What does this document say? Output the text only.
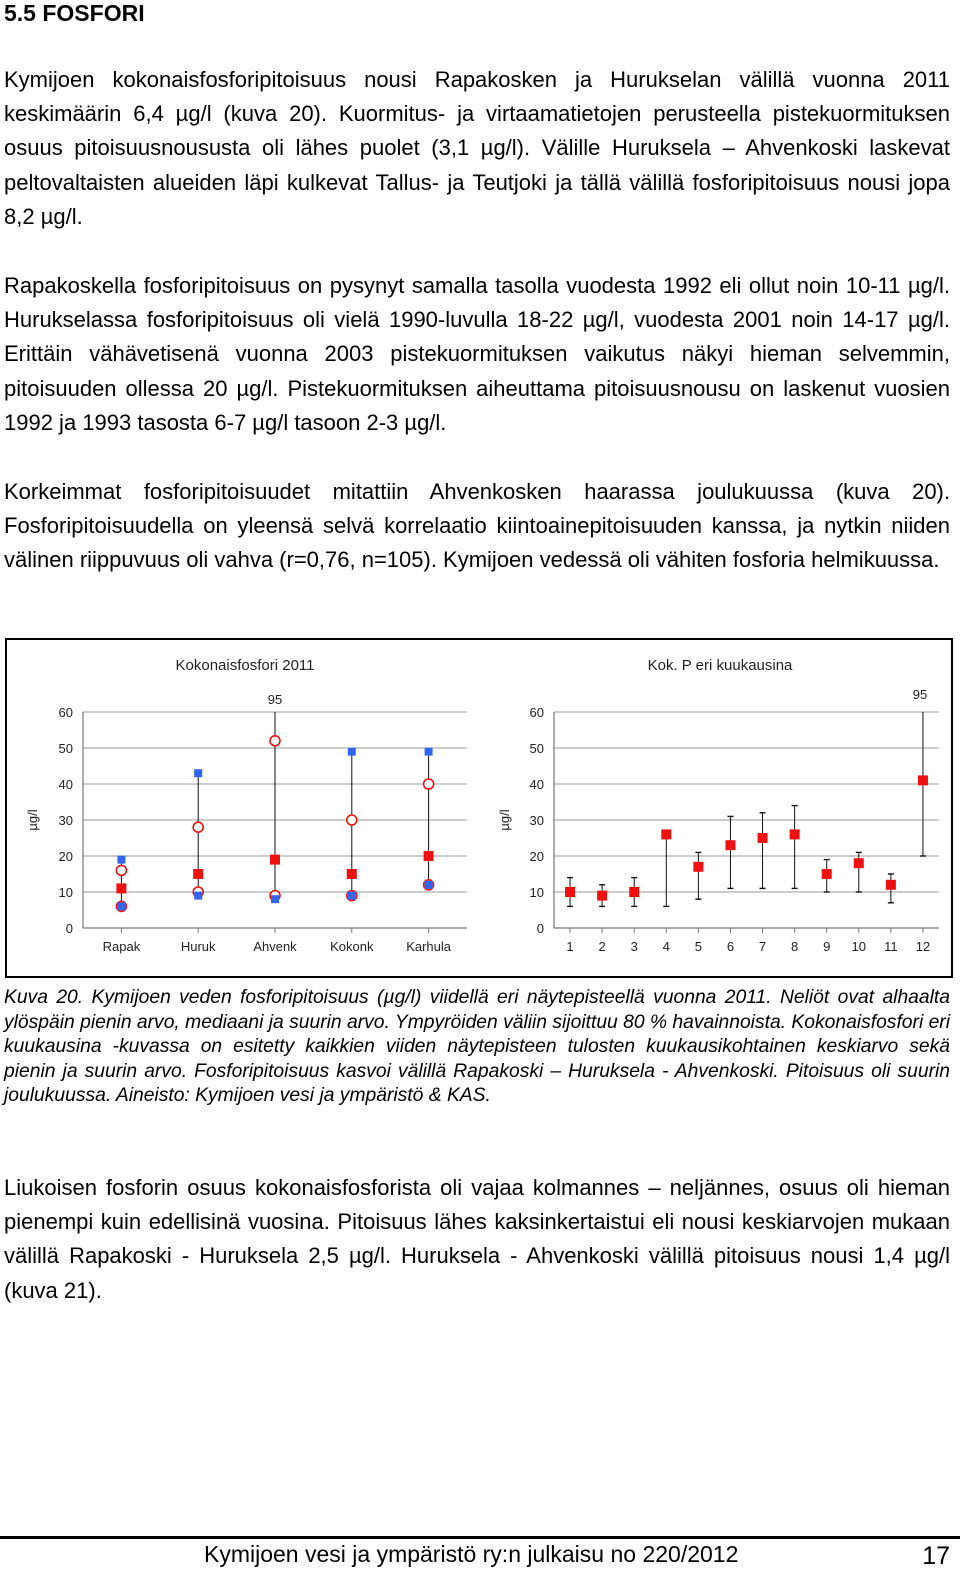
5.5 FOSFORI

Kymijoen kokonaisfosforipitoisuus nousi Rapakosken ja Hurukselan välillä vuonna 2011 keskimäärin 6,4 µg/l (kuva 20). Kuormitus- ja virtaamatietojen perusteella pistekuormituksen osuus pitoisuusnoususta oli lähes puolet (3,1 µg/l). Välille Huruksela – Ahvenkoski laskevat peltovaltaisten alueiden läpi kulkevat Tallus- ja Teutjoki ja tällä välillä fosforipitoisuus nousi jopa 8,2 µg/l.

Rapakoskella fosforipitoisuus on pysynyt samalla tasolla vuodesta 1992 eli ollut noin 10-11 µg/l. Hurukselassa fosforipitoisuus oli vielä 1990-luvulla 18-22 µg/l, vuodesta 2001 noin 14-17 µg/l. Erittäin vähävetisenä vuonna 2003 pistekuormituksen vaikutus näkyi hieman selvemmin, pitoisuuden ollessa 20 µg/l. Pistekuormituksen aiheuttama pitoisuusnousu on laskenut vuosien 1992 ja 1993 tasosta 6-7 µg/l tasoon 2-3 µg/l.

Korkeimmat fosforipitoisuudet mitattiin Ahvenkosken haarassa joulukuussa (kuva 20). Fosforipitoisuudella on yleensä selvä korrelaatio kiintoainepitoisuuden kanssa, ja nytkin niiden välinen riippuvuus oli vahva (r=0,76, n=105). Kymijoen vedessä oli vähiten fosforia helmikuussa.

Kokonaisfosfori 2011
µg/l
0
10
20
30
40
50
60
Rapak	Huruk	Ahvenk	Kokonk	Karhula
95
Kok. P eri kuukausina
µg/l
0
10
20
30
40
50
60
1 2 3 4 5 6 7 8 9 10 11 12
95

Kuva 20. Kymijoen veden fosforipitoisuus (µg/l) viidellä eri näytepisteellä vuonna 2011. Neliöt ovat alhaalta ylöspäin pienin arvo, mediaani ja suurin arvo. Ympyröiden väliin sijoittuu 80 % havainnoista. Kokonaisfosfori eri kuukausina -kuvassa on esitetty kaikkien viiden näytepisteen tulosten kuukausikohtainen keskiarvo sekä pienin ja suurin arvo. Fosforipitoisuus kasvoi välillä Rapakoski – Huruksela - Ahvenkoski. Pitoisuus oli suurin joulukuussa. Aineisto: Kymijoen vesi ja ympäristö & KAS.

Liukoisen fosforin osuus kokonaisfosforista oli vajaa kolmannes – neljännes, osuus oli hieman pienempi kuin edellisinä vuosina. Pitoisuus lähes kaksinkertaistui eli nousi keskiarvojen mukaan välillä Rapakoski - Huruksela 2,5 µg/l. Huruksela - Ahvenkoski välillä pitoisuus nousi 1,4 µg/l (kuva 21).

Kymijoen vesi ja ympäristö ry:n julkaisu no 220/2012	17
